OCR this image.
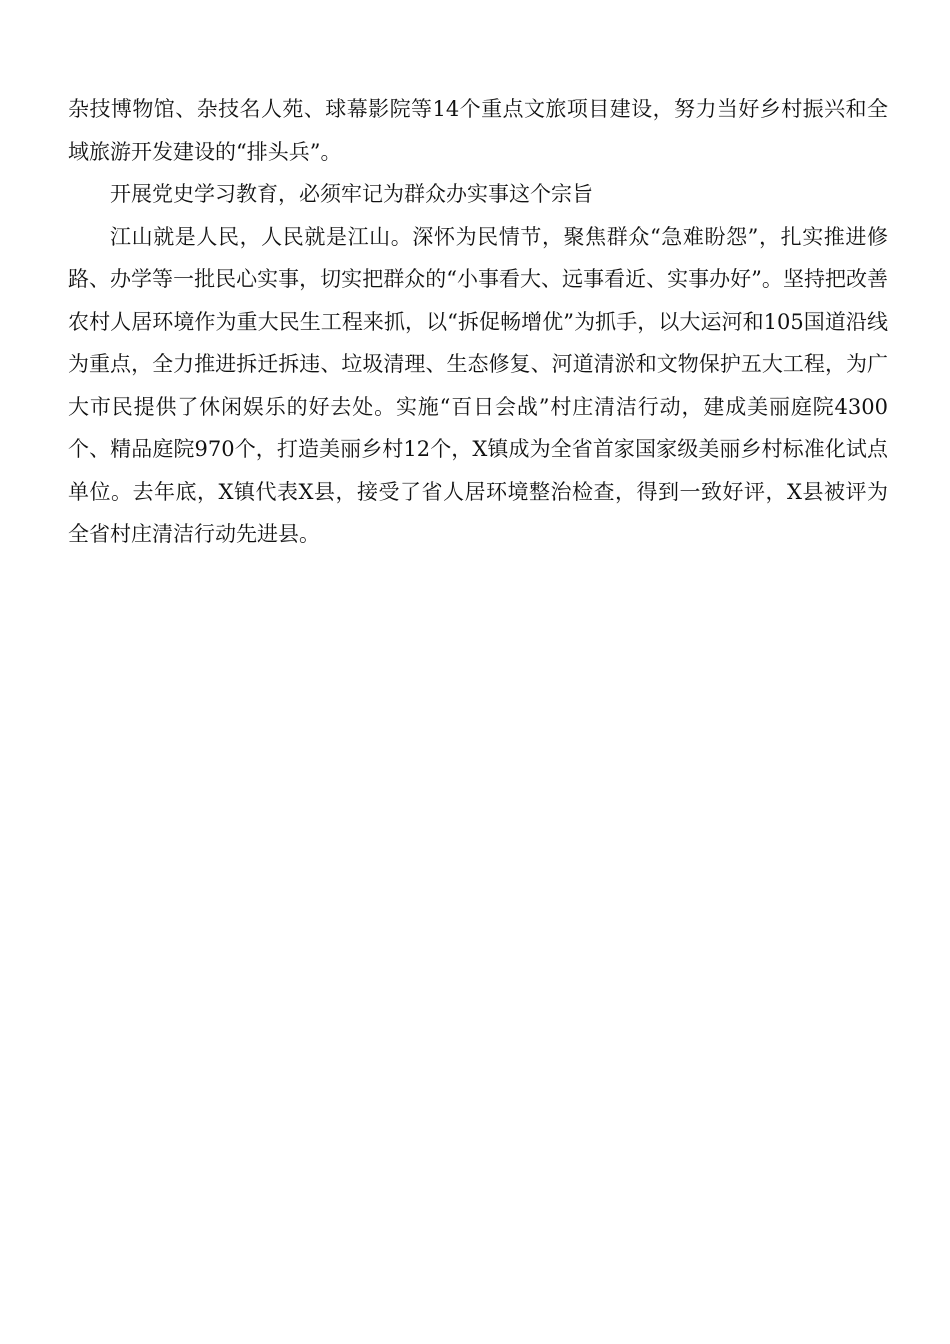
杂技博物馆、杂技名人苑、球幕影院等14个重点文旅项目建设，努力当好乡村振兴和全域旅游开发建设的“排头兵”。

开展党史学习教育，必须牢记为群众办实事这个宗旨

江山就是人民，人民就是江山。深怀为民情节，聚焦群众“急难盼怨”，扎实推进修路、办学等一批民心实事，切实把群众的“小事看大、远事看近、实事办好”。坚持把改善农村人居环境作为重大民生工程来抓，以“拆促畅增优”为抓手，以大运河和105国道沿线为重点，全力推进拆迁拆违、垃圾清理、生态修复、河道清淤和文物保护五大工程，为广大市民提供了休闲娱乐的好去处。实施“百日会战”村庄清洁行动，建成美丽庭院4300个、精品庭院970个，打造美丽乡村12个，X镇成为全省首家国家级美丽乡村标准化试点单位。去年底，X镇代表X县，接受了省人居环境整治检查，得到一致好评，X县被评为全省村庄清洁行动先进县。
